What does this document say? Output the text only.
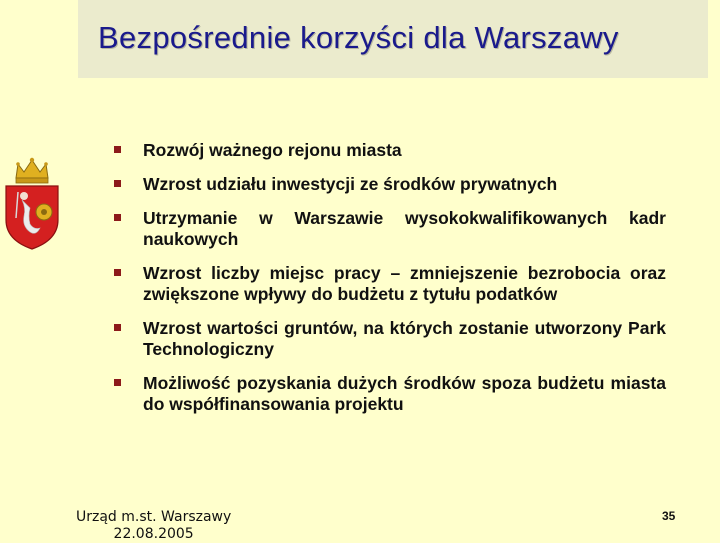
Bezpośrednie korzyści dla Warszawy
Rozwój ważnego rejonu miasta
Wzrost udziału inwestycji ze środków prywatnych
Utrzymanie w Warszawie wysokokwalifikowanych kadr naukowych
Wzrost liczby miejsc pracy – zmniejszenie bezrobocia oraz zwiększone wpływy do budżetu z tytułu podatków
Wzrost wartości gruntów, na których zostanie utworzony Park Technologiczny
Możliwość pozyskania dużych środków spoza budżetu miasta do współfinansowania projektu
Urząd m.st. Warszawy
22.08.2005
35
